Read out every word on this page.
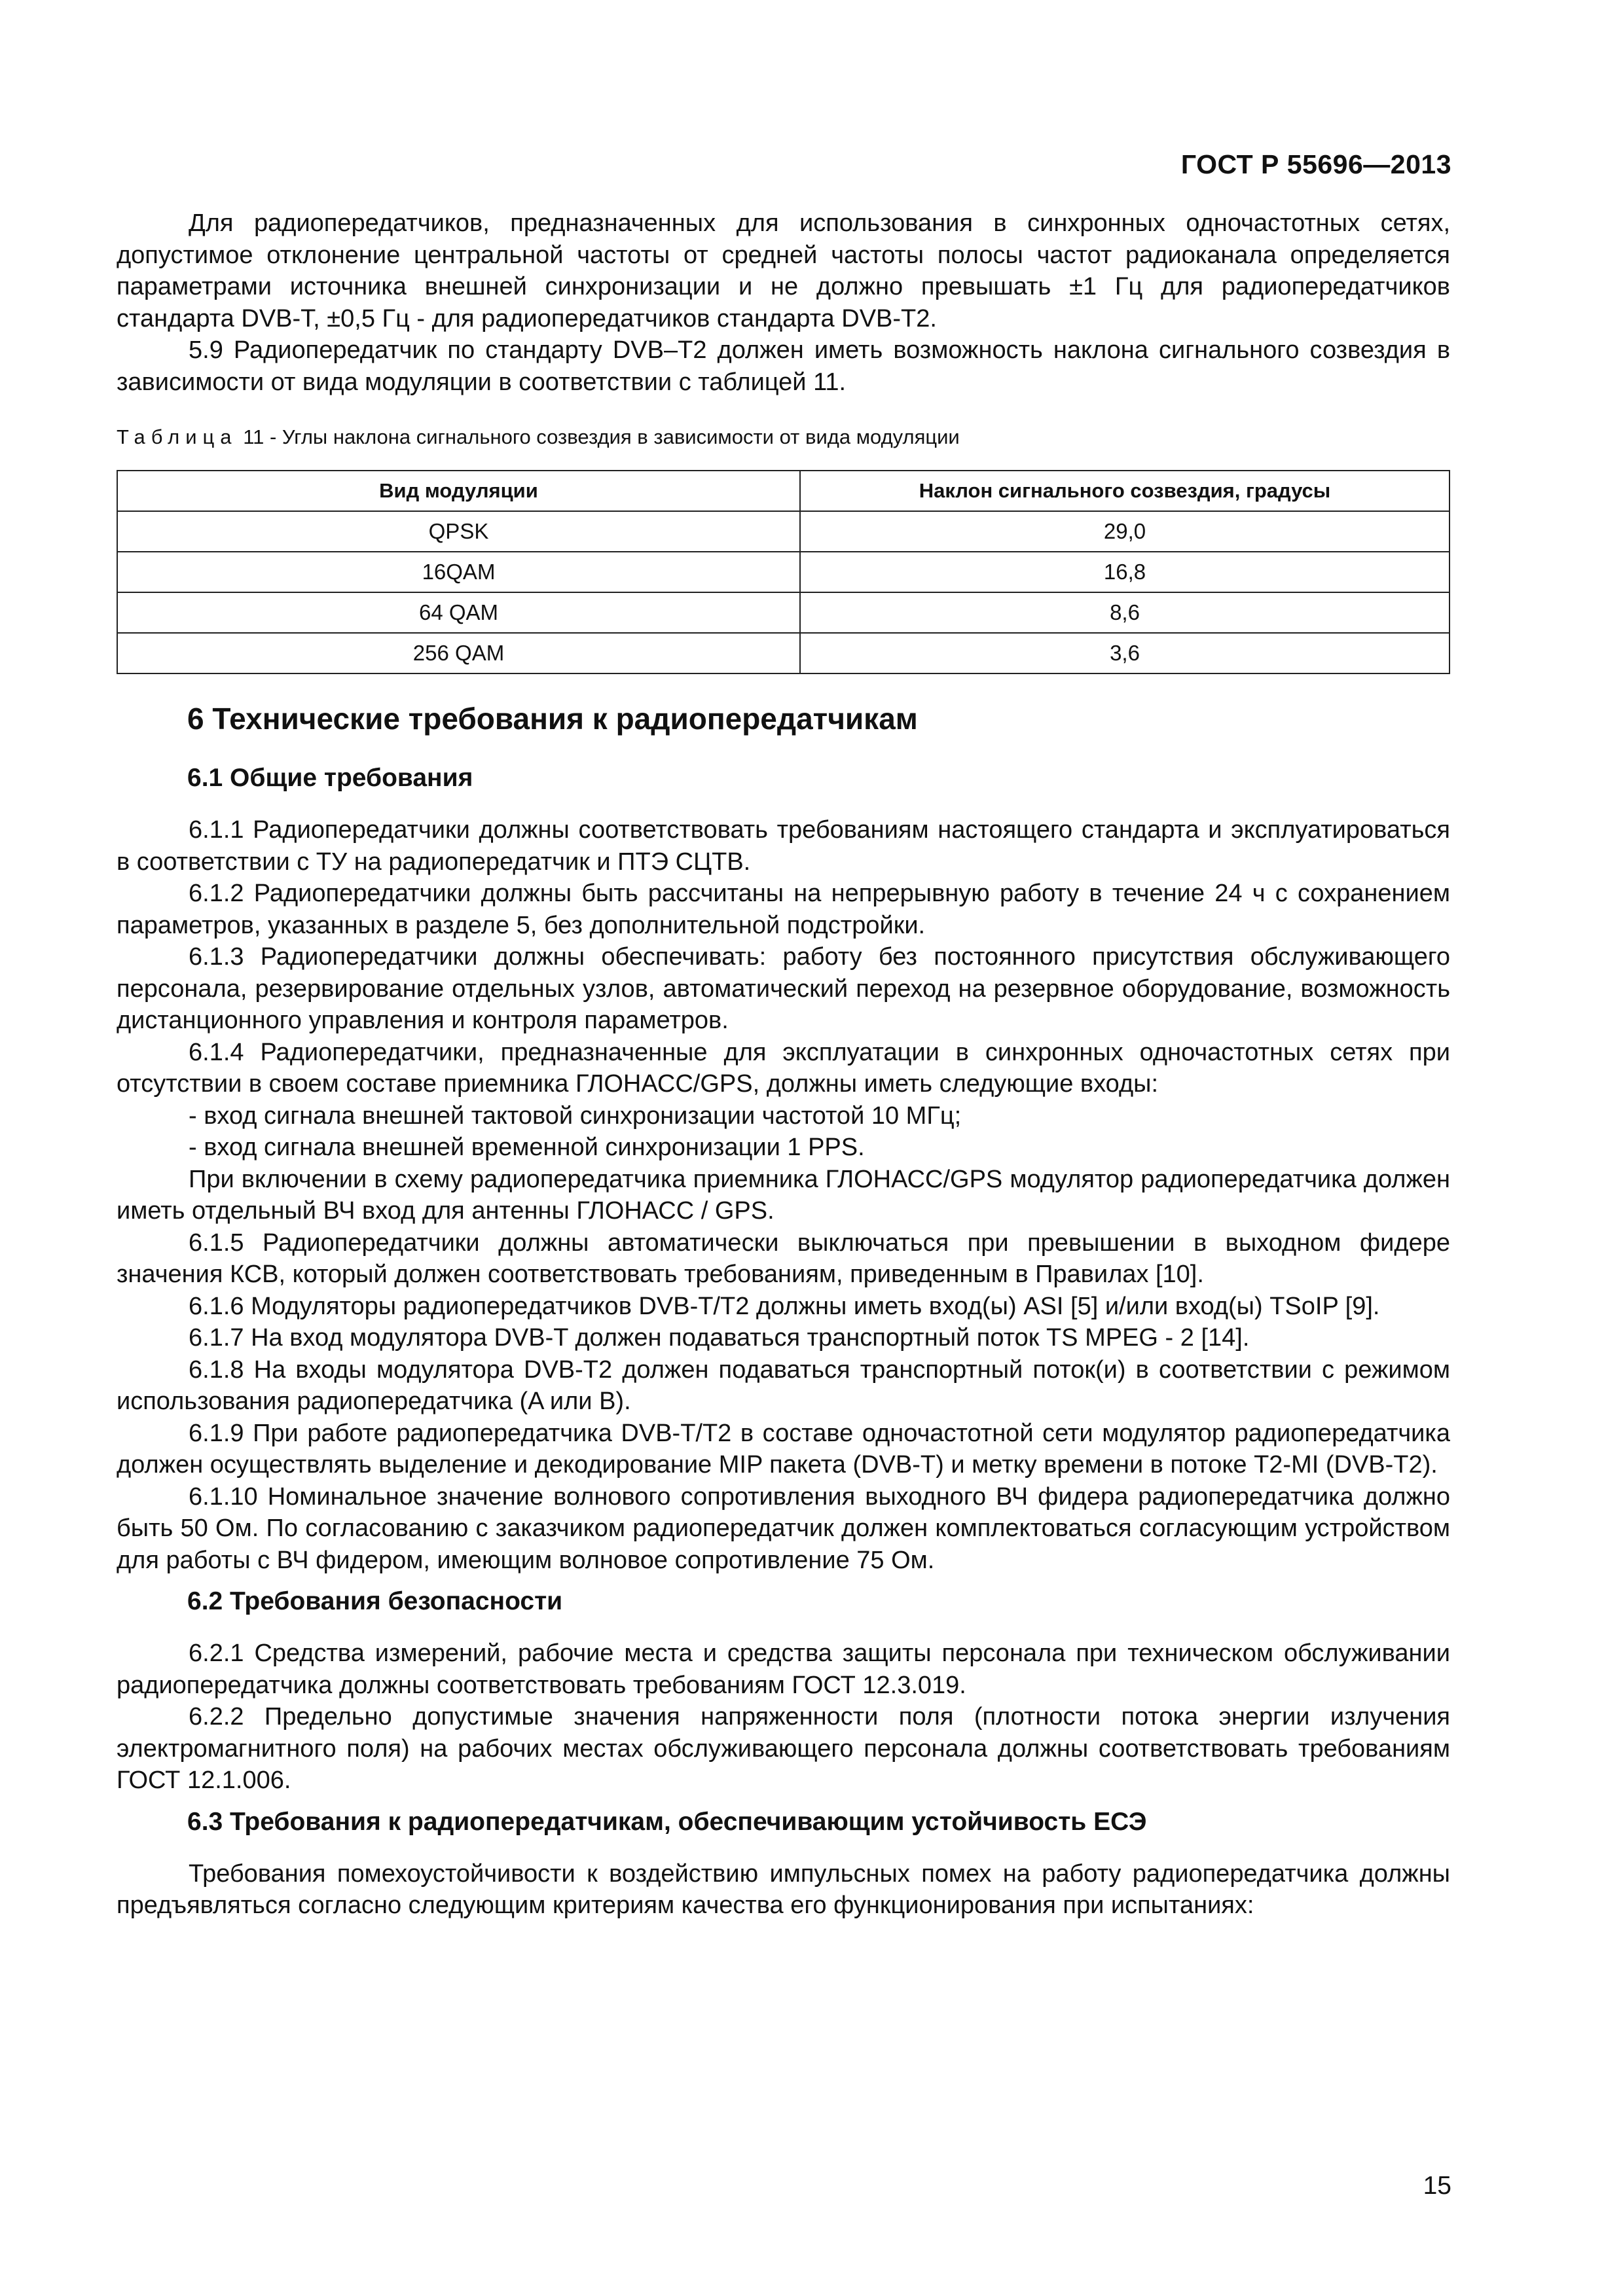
ГОСТ Р 55696—2013

Для радиопередатчиков, предназначенных для использования в синхронных одночастотных сетях, допустимое отклонение центральной частоты от средней частоты полосы частот радиоканала определяется параметрами источника внешней синхронизации и не должно превышать ±1 Гц для радиопередатчиков стандарта DVB-T, ±0,5 Гц - для радиопередатчиков стандарта DVB-T2.

5.9 Радиопередатчик по стандарту DVB–T2 должен иметь возможность наклона сигнального созвездия в зависимости от вида модуляции в соответствии с таблицей 11.

Таблица 11 - Углы наклона сигнального созвездия в зависимости от вида модуляции
Вид модуляции	Наклон сигнального созвездия, градусы
QPSK	29,0
16QAM	16,8
64 QAM	8,6
256 QAM	3,6
6 Технические требования к радиопередатчикам
6.1 Общие требования

6.1.1 Радиопередатчики должны соответствовать требованиям настоящего стандарта и эксплуатироваться в соответствии с ТУ на радиопередатчик и ПТЭ СЦТВ.

6.1.2 Радиопередатчики должны быть рассчитаны на непрерывную работу в течение 24 ч с сохранением параметров, указанных в разделе 5, без дополнительной подстройки.

6.1.3 Радиопередатчики должны обеспечивать: работу без постоянного присутствия обслуживающего персонала, резервирование отдельных узлов, автоматический переход на резервное оборудование, возможность дистанционного управления и контроля параметров.

6.1.4 Радиопередатчики, предназначенные для эксплуатации в синхронных одночастотных сетях при отсутствии в своем составе приемника ГЛОНАСС/GPS, должны иметь следующие входы:

- вход сигнала внешней тактовой синхронизации частотой 10 МГц;

- вход сигнала внешней временной синхронизации 1 PPS.

При включении в схему радиопередатчика приемника ГЛОНАСС/GPS модулятор радиопередатчика должен иметь отдельный ВЧ вход для антенны ГЛОНАСС / GPS.

6.1.5 Радиопередатчики должны автоматически выключаться при превышении в выходном фидере значения КСВ, который должен соответствовать требованиям, приведенным в Правилах [10].

6.1.6 Модуляторы радиопередатчиков DVB-T/T2 должны иметь вход(ы) ASI [5] и/или вход(ы) TSoIP [9].

6.1.7 На вход модулятора DVB-T должен подаваться транспортный поток TS MPEG - 2 [14].

6.1.8 На входы модулятора DVB-T2 должен подаваться транспортный поток(и) в соответствии с режимом использования радиопередатчика (A или B).

6.1.9 При работе радиопередатчика DVB-T/T2 в составе одночастотной сети модулятор радиопередатчика должен осуществлять выделение и декодирование MIP пакета (DVB-T) и метку времени в потоке T2-MI (DVB-T2).

6.1.10 Номинальное значение волнового сопротивления выходного ВЧ фидера радиопередатчика должно быть 50 Ом. По согласованию с заказчиком радиопередатчик должен комплектоваться согласующим устройством для работы с ВЧ фидером, имеющим волновое сопротивление 75 Ом.

6.2 Требования безопасности

6.2.1 Средства измерений, рабочие места и средства защиты персонала при техническом обслуживании радиопередатчика должны соответствовать требованиям ГОСТ 12.3.019.

6.2.2 Предельно допустимые значения напряженности поля (плотности потока энергии излучения электромагнитного поля) на рабочих местах обслуживающего персонала должны соответствовать требованиям ГОСТ 12.1.006.

6.3 Требования к радиопередатчикам, обеспечивающим устойчивость ЕСЭ

Требования помехоустойчивости к воздействию импульсных помех на работу радиопередатчика должны предъявляться согласно следующим критериям качества его функционирования при испытаниях:

15
